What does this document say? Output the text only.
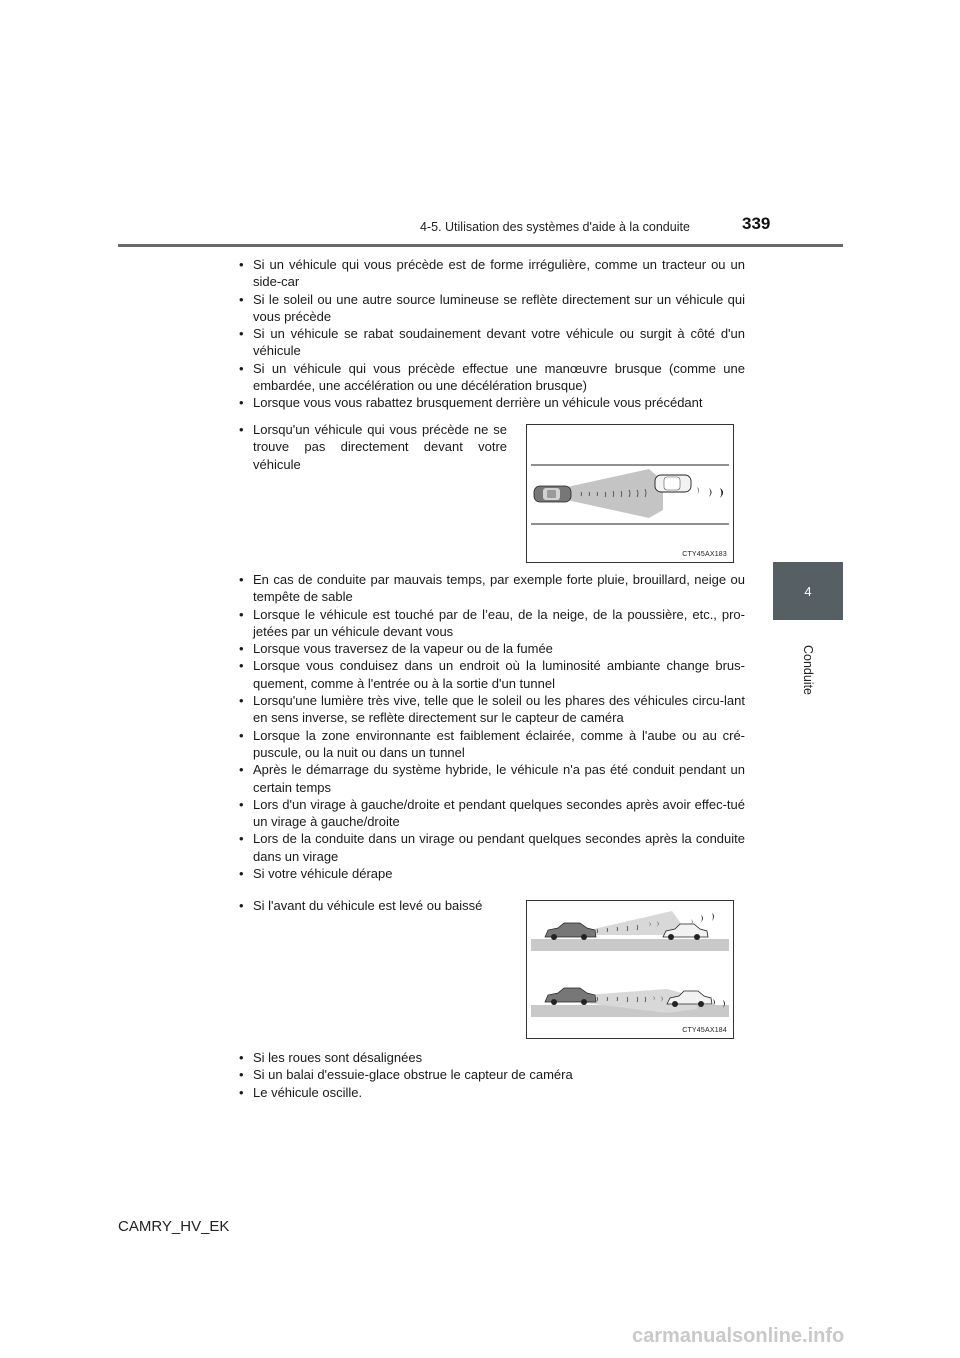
4-5. Utilisation des systèmes d'aide à la conduite	339
4
Conduite
• Si un véhicule qui vous précède est de forme irrégulière, comme un tracteur ou un side-car
• Si le soleil ou une autre source lumineuse se reflète directement sur un véhicule qui vous précède
• Si un véhicule se rabat soudainement devant votre véhicule ou surgit à côté d'un véhicule
• Si un véhicule qui vous précède effectue une manœuvre brusque (comme une embardée, une accélération ou une décélération brusque)
• Lorsque vous vous rabattez brusquement derrière un véhicule vous précédant
• Lorsqu'un véhicule qui vous précède ne se trouve pas directement devant votre véhicule
CTY45AX183
• En cas de conduite par mauvais temps, par exemple forte pluie, brouillard, neige ou tempête de sable
• Lorsque le véhicule est touché par de l’eau, de la neige, de la poussière, etc., pro-jetées par un véhicule devant vous
• Lorsque vous traversez de la vapeur ou de la fumée
• Lorsque vous conduisez dans un endroit où la luminosité ambiante change brus-quement, comme à l'entrée ou à la sortie d'un tunnel
• Lorsqu'une lumière très vive, telle que le soleil ou les phares des véhicules circu-lant en sens inverse, se reflète directement sur le capteur de caméra
• Lorsque la zone environnante est faiblement éclairée, comme à l'aube ou au cré-puscule, ou la nuit ou dans un tunnel
• Après le démarrage du système hybride, le véhicule n'a pas été conduit pendant un certain temps
• Lors d'un virage à gauche/droite et pendant quelques secondes après avoir effec-tué un virage à gauche/droite
• Lors de la conduite dans un virage ou pendant quelques secondes après la conduite dans un virage
• Si votre véhicule dérape
• Si l'avant du véhicule est levé ou baissé
CTY45AX184
• Si les roues sont désalignées
• Si un balai d'essuie-glace obstrue le capteur de caméra
• Le véhicule oscille.
CAMRY_HV_EK
carmanualsonline.info
